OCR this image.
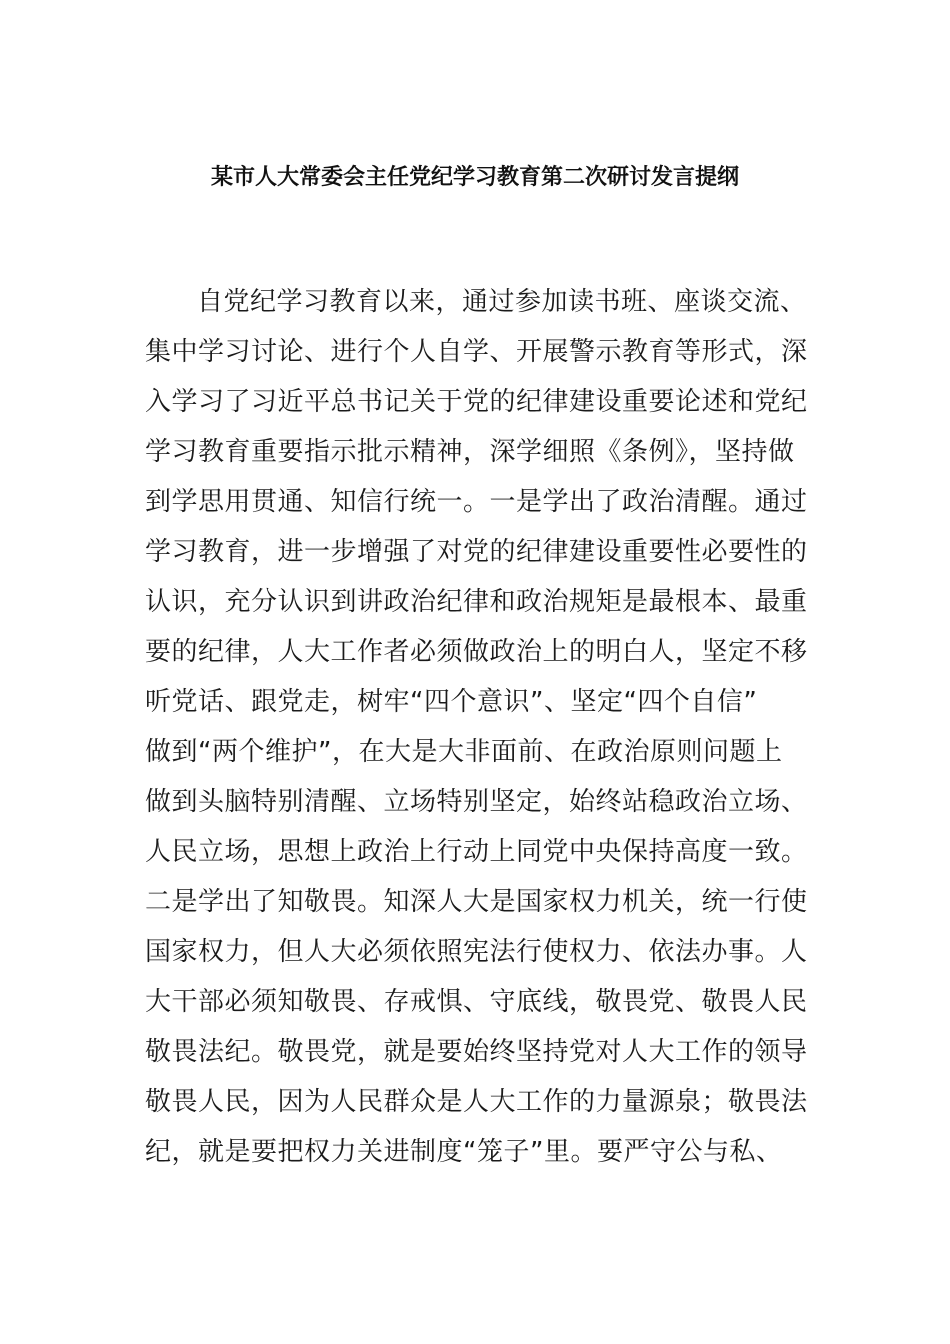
某市人大常委会主任党纪学习教育第二次研讨发言提纲
自党纪学习教育以来，通过参加读书班、座谈交流、
集中学习讨论、进行个人自学、开展警示教育等形式，深
入学习了习近平总书记关于党的纪律建设重要论述和党纪
学习教育重要指示批示精神，深学细照《条例》，坚持做
到学思用贯通、知信行统一。一是学出了政治清醒。通过
学习教育，进一步增强了对党的纪律建设重要性必要性的
认识，充分认识到讲政治纪律和政治规矩是最根本、最重
要的纪律，人大工作者必须做政治上的明白人，坚定不移
听党话、跟党走，树牢“四个意识”、坚定“四个自信”
做到“两个维护”，在大是大非面前、在政治原则问题上
做到头脑特别清醒、立场特别坚定，始终站稳政治立场、
人民立场，思想上政治上行动上同党中央保持高度一致。
二是学出了知敬畏。知深人大是国家权力机关，统一行使
国家权力，但人大必须依照宪法行使权力、依法办事。人
大干部必须知敬畏、存戒惧、守底线，敬畏党、敬畏人民
敬畏法纪。敬畏党，就是要始终坚持党对人大工作的领导
敬畏人民，因为人民群众是人大工作的力量源泉；敬畏法
纪，就是要把权力关进制度“笼子”里。要严守公与私、
